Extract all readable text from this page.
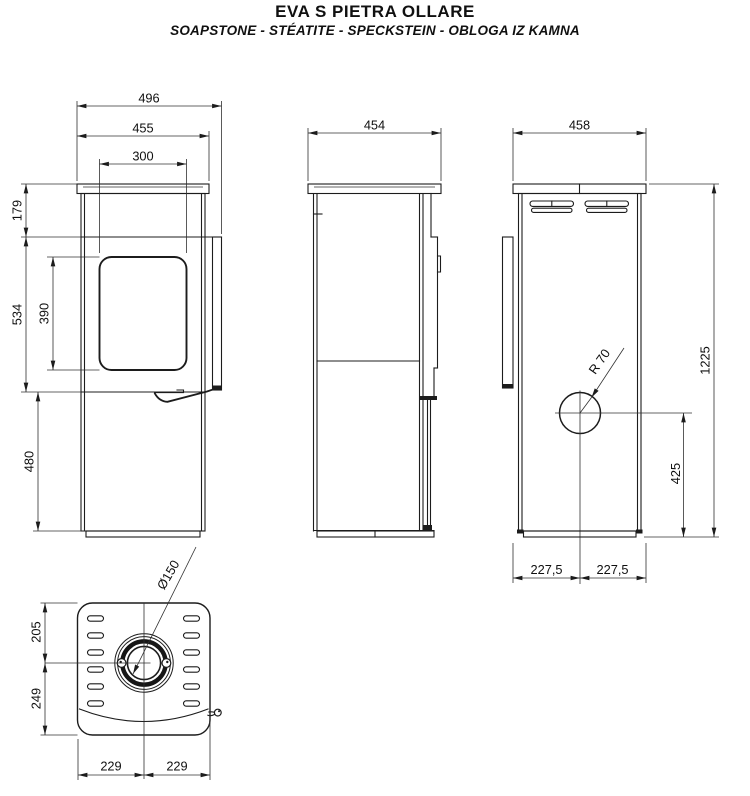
EVA S PIETRA OLLARE
SOAPSTONE - STÉATITE - SPECKSTEIN - OBLOGA IZ KAMNA
496
455
300
179
534 390
480
454	458
1225
R 70
425
227,5	227,5
Ø150
205
249
229	229
